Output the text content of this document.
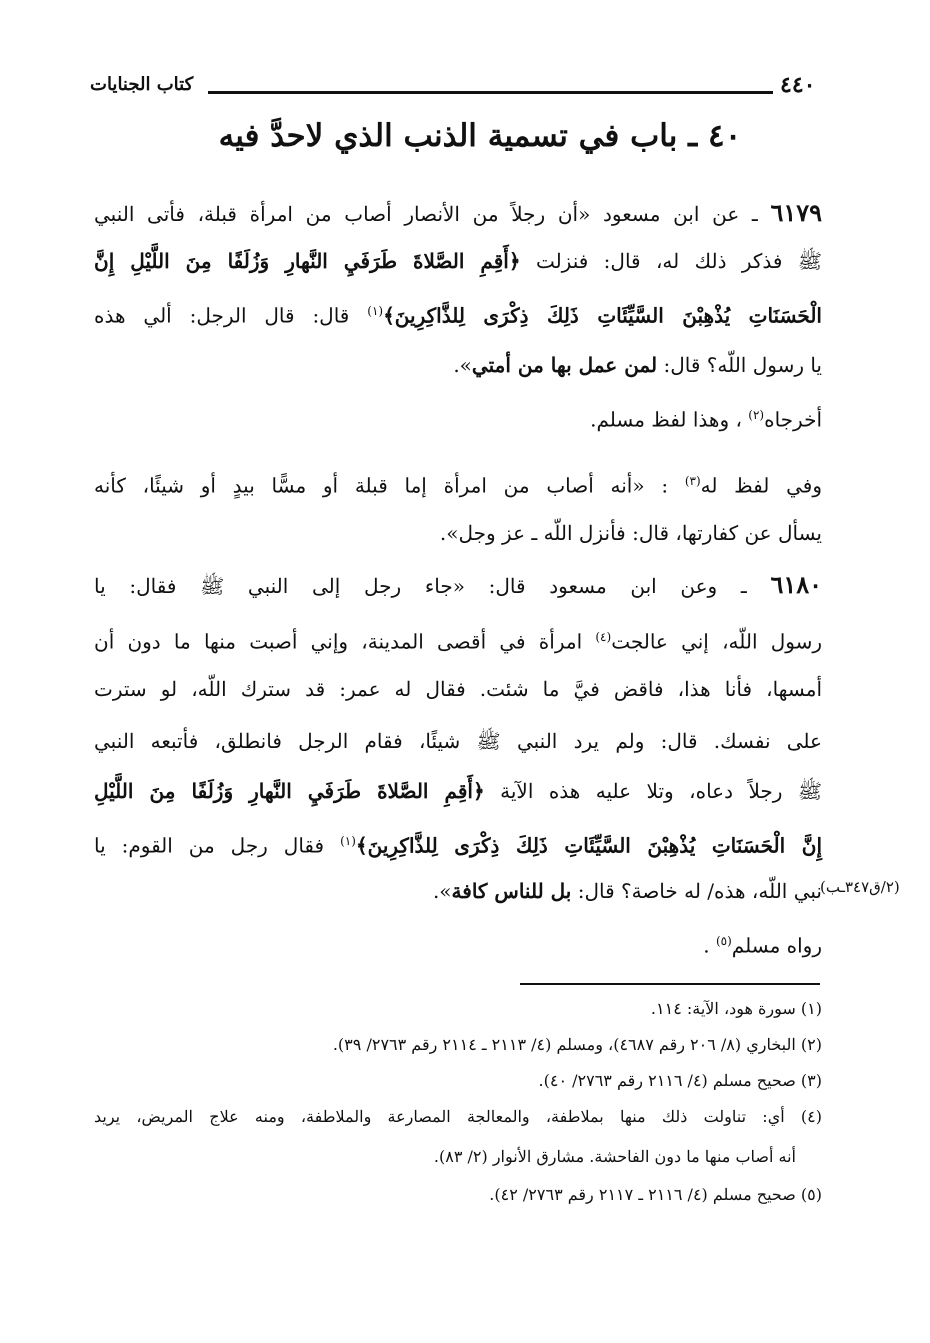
كتاب الجنايات	٤٤٠
٤٠ ـ باب في تسمية الذنب الذي لاحدَّ فيه
٦١٧٩ ـ عن ابن مسعود «أن رجلاً من الأنصار أصاب من امرأة قبلة، فأتى النبي
ﷺ فذكر ذلك له، قال: فنزلت ﴿أَقِمِ الصَّلاةَ طَرَفَيِ النَّهارِ وَزُلَفًا مِنَ اللَّيْلِ إِنَّ
الْحَسَنَاتِ يُذْهِبْنَ السَّيِّئَاتِ ذَلِكَ ذِكْرَى لِلذَّاكِرِينَ﴾$^{(١)}$ قال: قال الرجل: ألي هذه
يا رسول اللّه؟ قال: لمن عمل بها من أمتي».
أخرجاه$^{(٢)}$ ، وهذا لفظ مسلم.
وفي لفظ له$^{(٣)}$ : «أنه أصاب من امرأة إما قبلة أو مسًّا بيدٍ أو شيئًا، كأنه
يسأل عن كفارتها، قال: فأنزل اللّه ـ عز وجل».
٦١٨٠ ـ وعن ابن مسعود قال: «جاء رجل إلى النبي ﷺ فقال: يا
رسول اللّه، إني عالجت$^{(٤)}$ امرأة في أقصى المدينة، وإني أصبت منها ما دون أن
أمسها، فأنا هذا، فاقض فيَّ ما شئت. فقال له عمر: قد سترك اللّه، لو سترت
على نفسك. قال: ولم يرد النبي ﷺ شيئًا، فقام الرجل فانطلق، فأتبعه النبي
ﷺ رجلاً دعاه، وتلا عليه هذه الآية ﴿أَقِمِ الصَّلاةَ طَرَفَيِ النَّهارِ وَزُلَفًا مِنَ اللَّيْلِ
إِنَّ الْحَسَنَاتِ يُذْهِبْنَ السَّيِّئَاتِ ذَلِكَ ذِكْرَى لِلذَّاكِرِينَ﴾$^{(١)}$ فقال رجل من القوم: يا
نبي اللّه، هذه/ له خاصة؟ قال: بل للناس كافة».	(٢/ق٣٤٧ـب)
رواه مسلم$^{(٥)}$ .
(١) سورة هود، الآية: ١١٤.
(٢) البخاري (٨/ ٢٠٦ رقم ٤٦٨٧)، ومسلم (٤/ ٢١١٣ ـ ٢١١٤ رقم ٢٧٦٣/ ٣٩).
(٣) صحيح مسلم (٤/ ٢١١٦ رقم ٢٧٦٣/ ٤٠).
(٤) أي: تناولت ذلك منها بملاطفة، والمعالجة المصارعة والملاطفة، ومنه علاج المريض، يريد
أنه أصاب منها ما دون الفاحشة. مشارق الأنوار (٢/ ٨٣).
(٥) صحيح مسلم (٤/ ٢١١٦ ـ ٢١١٧ رقم ٢٧٦٣/ ٤٢).
